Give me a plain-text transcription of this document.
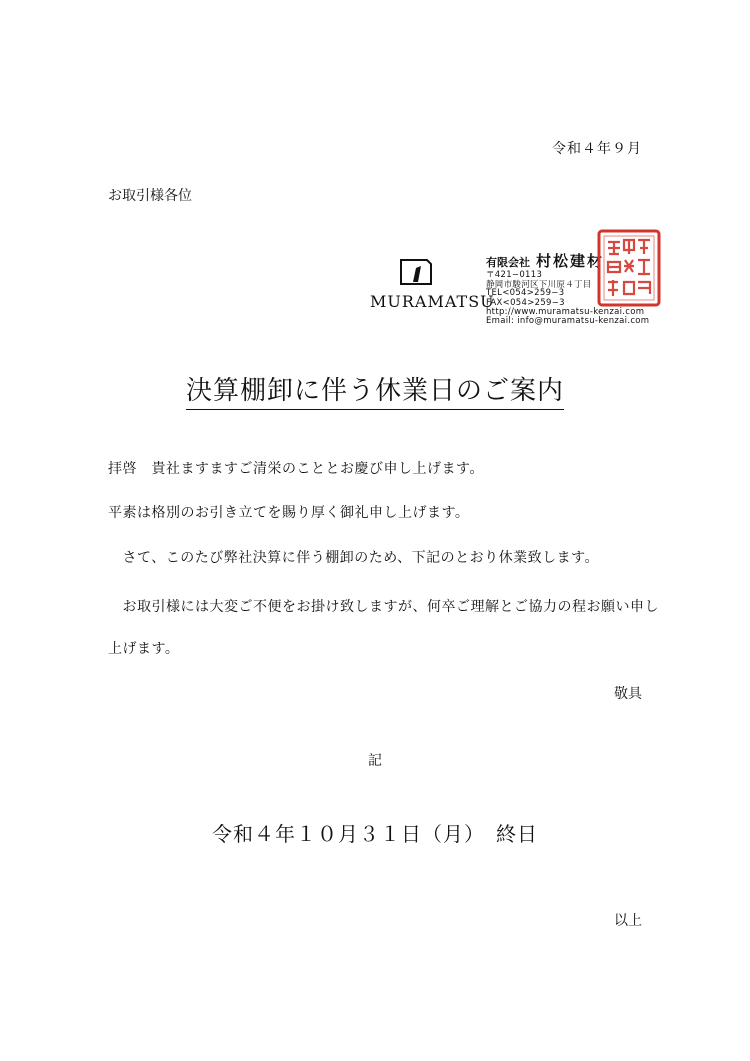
令和４年９月
お取引様各位
MURAMATSU
有限会社 村松建材
〒421−0113
静岡市駿河区下川原４丁目
TEL<054>259−3
FAX<054>259−3
http://www.muramatsu-kenzai.com
Email: info@muramatsu-kenzai.com
決算棚卸に伴う休業日のご案内
拝啓　貴社ますますご清栄のこととお慶び申し上げます。
平素は格別のお引き立てを賜り厚く御礼申し上げます。
　さて、このたび弊社決算に伴う棚卸のため、下記のとおり休業致します。
　お取引様には大変ご不便をお掛け致しますが、何卒ご理解とご協力の程お願い申し
上げます。
敬具
記
令和４年１０月３１日（月）　終日
以上
